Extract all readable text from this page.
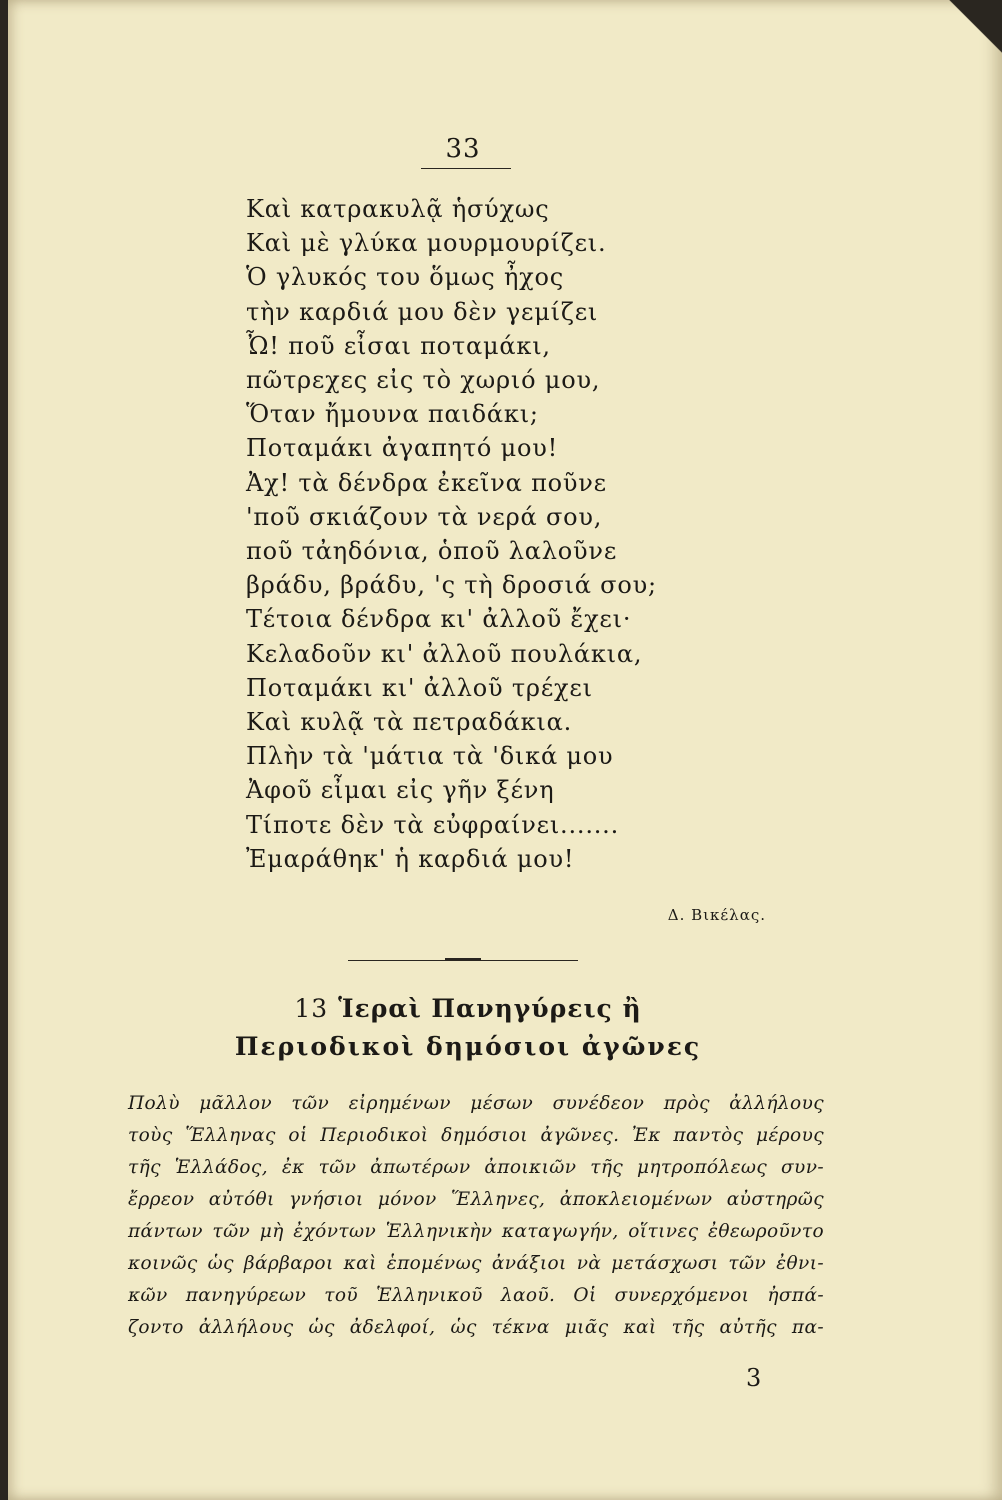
33
Καὶ κατρακυλᾷ ἡσύχως
Καὶ μὲ γλύκα μουρμουρίζει.
Ὁ γλυκός του ὅμως ἦχος
τὴν καρδιά μου δὲν γεμίζει
Ὦ! ποῦ εἶσαι ποταμάκι,
πῶτρεχες εἰς τὸ χωριό μου,
Ὅταν ἤμουνα παιδάκι;
Ποταμάκι ἀγαπητό μου!
Ἀχ! τὰ δένδρα ἐκεῖνα ποῦνε
'ποῦ σκιάζουν τὰ νερά σου,
ποῦ τἀηδόνια, ὁποῦ λαλοῦνε
βράδυ, βράδυ, 'ς τὴ δροσιά σου;
Τέτοια δένδρα κι' ἀλλοῦ ἔχει·
Κελαδοῦν κι' ἀλλοῦ πουλάκια,
Ποταμάκι κι' ἀλλοῦ τρέχει
Καὶ κυλᾷ τὰ πετραδάκια.
Πλὴν τὰ 'μάτια τὰ 'δικά μου
Ἀφοῦ εἶμαι εἰς γῆν ξένη
Τίποτε δὲν τὰ εὐφραίνει.......
Ἐμαράθηκ' ἡ καρδιά μου!
Δ. Βικέλας.
13 Ἱεραὶ Πανηγύρεις ἢ
Περιοδικοὶ δημόσιοι ἀγῶνες
Πολὺ μᾶλλον τῶν εἰρημένων μέσων συνέδεον πρὸς ἀλλήλους
τοὺς Ἕλληνας οἱ Περιοδικοὶ δημόσιοι ἀγῶνες. Ἐκ παντὸς μέρους
τῆς Ἑλλάδος, ἐκ τῶν ἀπωτέρων ἀποικιῶν τῆς μητροπόλεως συν-
ἔρρεον αὐτόθι γνήσιοι μόνον Ἕλληνες, ἀποκλειομένων αὐστηρῶς
πάντων τῶν μὴ ἐχόντων Ἑλληνικὴν καταγωγήν, οἵτινες ἐθεωροῦντο
κοινῶς ὡς βάρβαροι καὶ ἑπομένως ἀνάξιοι νὰ μετάσχωσι τῶν ἐθνι-
κῶν πανηγύρεων τοῦ Ἑλληνικοῦ λαοῦ. Οἱ συνερχόμενοι ἠσπά-
ζοντο ἀλλήλους ὡς ἀδελφοί, ὡς τέκνα μιᾶς καὶ τῆς αὐτῆς πα-
3
